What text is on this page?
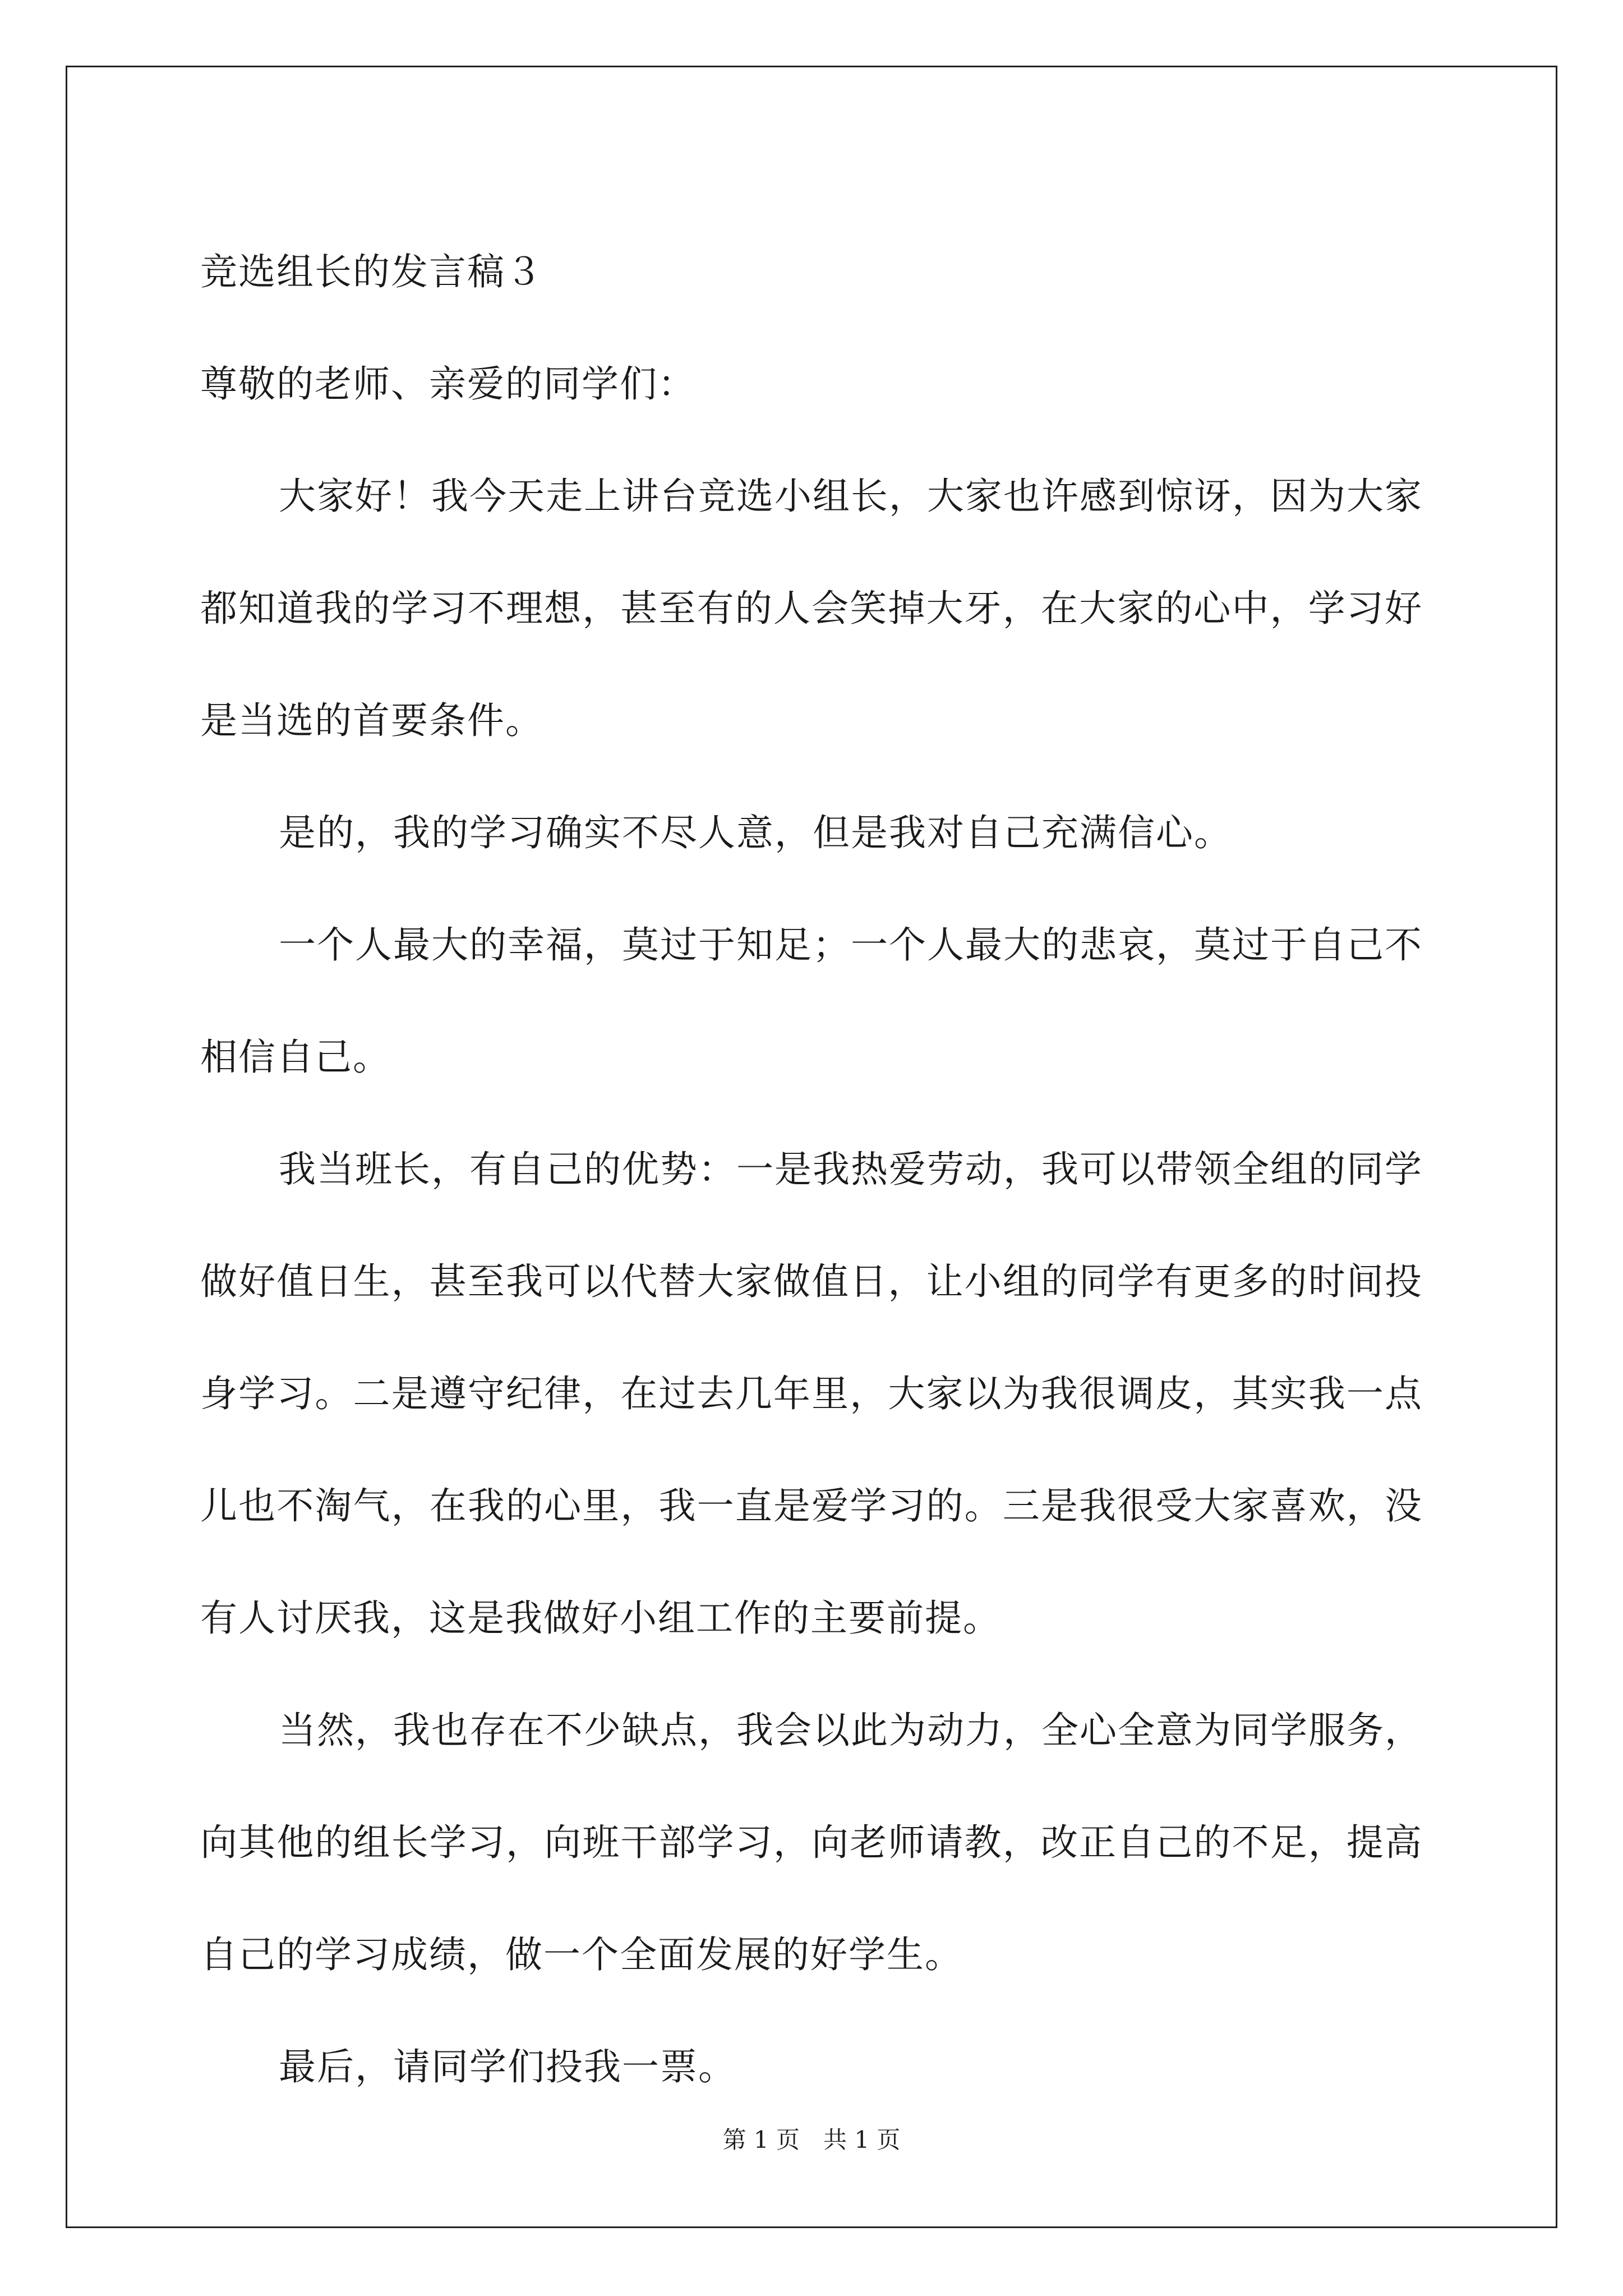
竞选组长的发言稿３

尊敬的老师、亲爱的同学们：

大家好！我今天走上讲台竞选小组长，大家也许感到惊讶，因为大家都知道我的学习不理想，甚至有的人会笑掉大牙，在大家的心中，学习好是当选的首要条件。

是的，我的学习确实不尽人意，但是我对自己充满信心。

一个人最大的幸福，莫过于知足；一个人最大的悲哀，莫过于自己不相信自己。

我当班长，有自己的优势：一是我热爱劳动，我可以带领全组的同学做好值日生，甚至我可以代替大家做值日，让小组的同学有更多的时间投身学习。二是遵守纪律，在过去几年里，大家以为我很调皮，其实我一点儿也不淘气，在我的心里，我一直是爱学习的。三是我很受大家喜欢，没有人讨厌我，这是我做好小组工作的主要前提。

当然，我也存在不少缺点，我会以此为动力，全心全意为同学服务，向其他的组长学习，向班干部学习，向老师请教，改正自己的不足，提高自己的学习成绩，做一个全面发展的好学生。

最后，请同学们投我一票。

第 1 页　共 1 页
